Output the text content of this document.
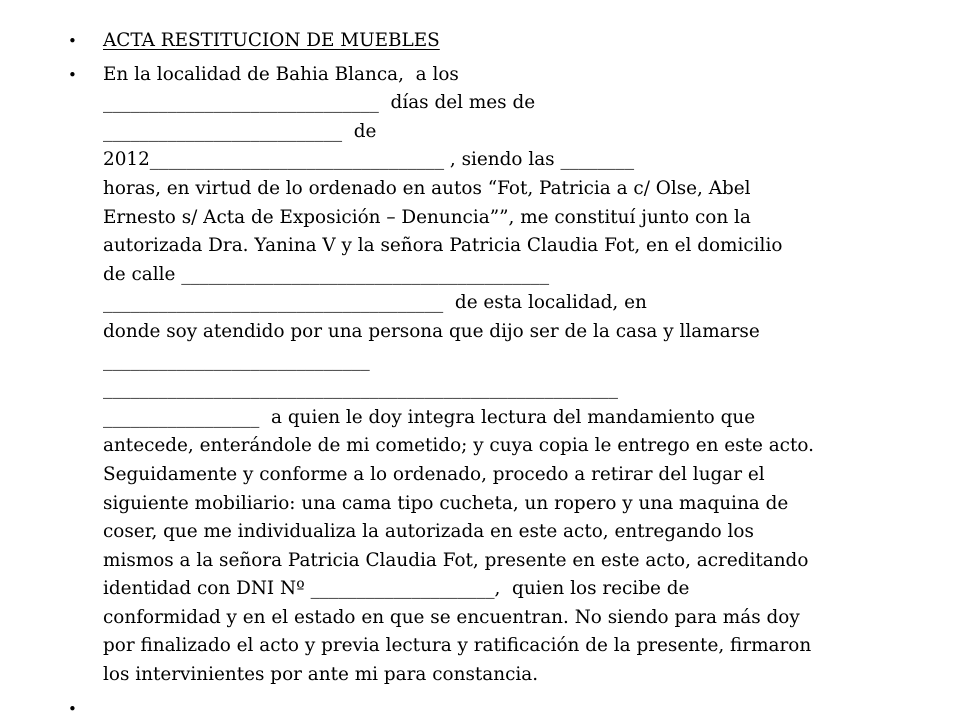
• ACTA RESTITUCION DE MUEBLES
• En la localidad de Bahia Blanca,  a los
______________________________  días del mes de
__________________________  de
2012________________________________ , siendo las ________
horas, en virtud de lo ordenado en autos “Fot, Patricia a c/ Olse, Abel
Ernesto s/ Acta de Exposición – Denuncia””, me constituí junto con la
autorizada Dra. Yanina V y la señora Patricia Claudia Fot, en el domicilio
de calle ________________________________________
_____________________________________  de esta localidad, en
donde soy atendido por una persona que dijo ser de la casa y llamarse
_____________________________
________________________________________________________
_________________  a quien le doy integra lectura del mandamiento que
antecede, enterándole de mi cometido; y cuya copia le entrego en este acto.
Seguidamente y conforme a lo ordenado, procedo a retirar del lugar el
siguiente mobiliario: una cama tipo cucheta, un ropero y una maquina de
coser, que me individualiza la autorizada en este acto, entregando los
mismos a la señora Patricia Claudia Fot, presente en este acto, acreditando
identidad con DNI Nº ____________________,  quien los recibe de
conformidad y en el estado en que se encuentran. No siendo para más doy
por finalizado el acto y previa lectura y ratificación de la presente, firmaron
los intervinientes por ante mi para constancia.
•
